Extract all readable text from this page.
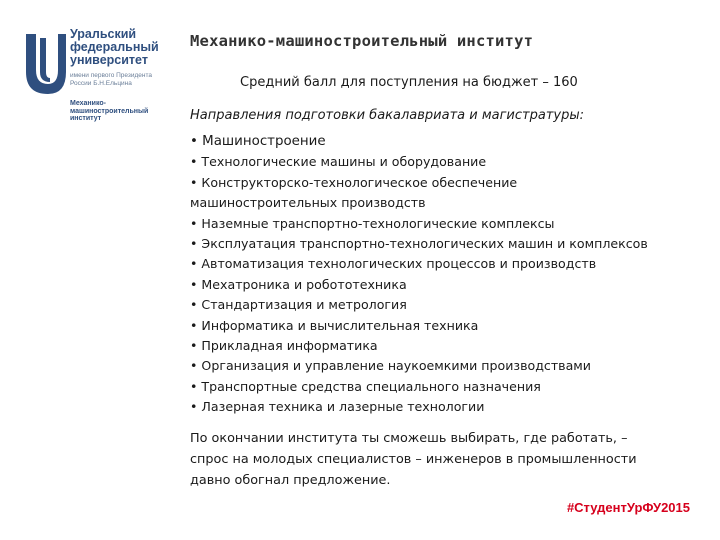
Уральский
федеральный
университет
имени первого Президента
России Б.Н.Ельцина
Механико-
машиностроительный
институт
Механико-машиностроительный институт
Средний балл для поступления на бюджет – 160
Направления подготовки бакалавриата и магистратуры:
• Машиностроение
• Технологические машины и оборудование
• Конструкторско-технологическое обеспечение
машиностроительных производств
• Наземные транспортно-технологические комплексы
• Эксплуатация транспортно-технологических машин и комплексов
• Автоматизация технологических процессов и производств
• Мехатроника и робототехника
• Стандартизация и метрология
• Информатика и вычислительная техника
• Прикладная информатика
• Организация и управление наукоемкими производствами
• Транспортные средства специального назначения
• Лазерная техника и лазерные технологии
По окончании института ты сможешь выбирать, где работать, –
спрос на молодых специалистов – инженеров в промышленности
давно обогнал предложение.
#СтудентУрФУ2015
